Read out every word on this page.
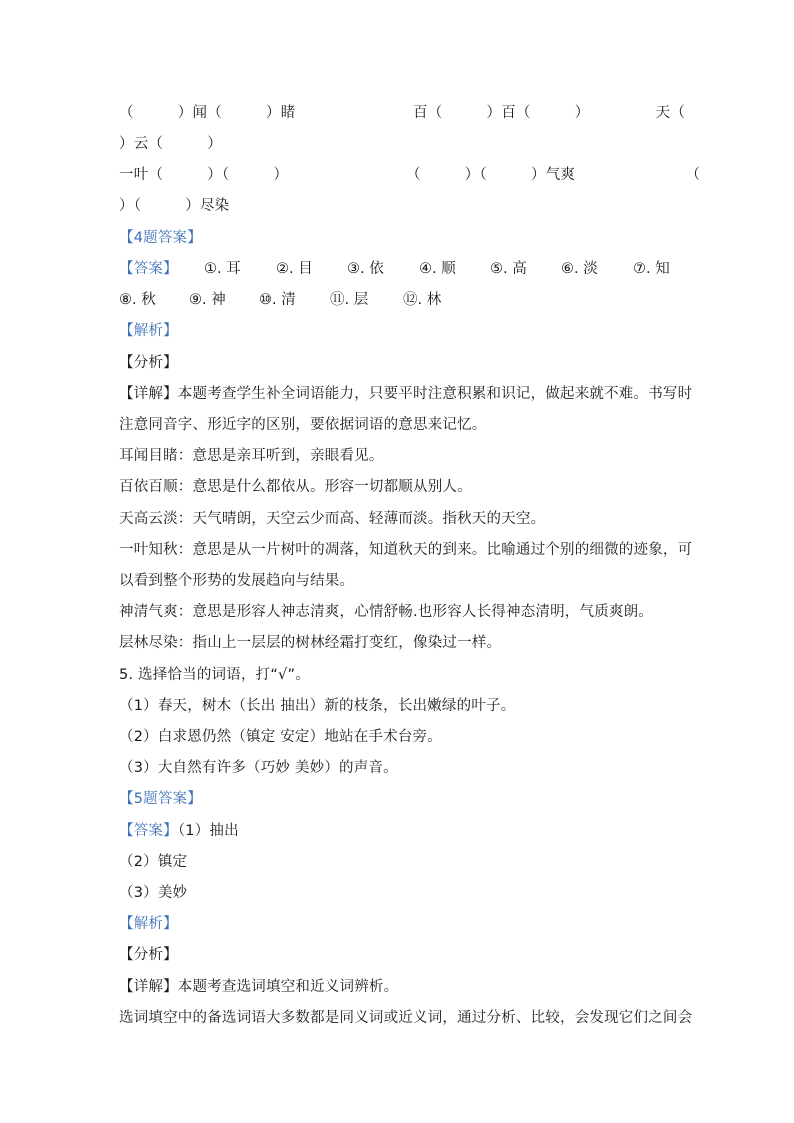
（　　　）闻（　　　）睹　　　　　　　　百（　　　）百（　　　）　　　　　天（
）云（　　　）
一叶（　　　）（　　　）　　　　　　　　　（　　　）（　　　）气爽　　　　　　　　（
）（　　　）尽染
【4题答案】
【答案】 ①. 耳 ②. 目 ③. 依 ④. 顺 ⑤. 高 ⑥. 淡 ⑦. 知
⑧. 秋 ⑨. 神 ⑩. 清 ⑪. 层 ⑫. 林
【解析】
【分析】
【详解】本题考查学生补全词语能力，只要平时注意积累和识记，做起来就不难。书写时
注意同音字、形近字的区别，要依据词语的意思来记忆。
耳闻目睹：意思是亲耳听到，亲眼看见。
百依百顺：意思是什么都依从。形容一切都顺从别人。
天高云淡：天气晴朗，天空云少而高、轻薄而淡。指秋天的天空。
一叶知秋：意思是从一片树叶的凋落，知道秋天的到来。比喻通过个别的细微的迹象，可
以看到整个形势的发展趋向与结果。
神清气爽：意思是形容人神志清爽，心情舒畅.也形容人长得神态清明，气质爽朗。
层林尽染：指山上一层层的树林经霜打变红，像染过一样。
5. 选择恰当的词语，打“√”。
（1）春天，树木（长出 抽出）新的枝条，长出嫩绿的叶子。
（2）白求恩仍然（镇定 安定）地站在手术台旁。
（3）大自然有许多（巧妙 美妙）的声音。
【5题答案】
【答案】（1）抽出
（2）镇定
（3）美妙
【解析】
【分析】
【详解】本题考查选词填空和近义词辨析。
选词填空中的备选词语大多数都是同义词或近义词，通过分析、比较，会发现它们之间会
